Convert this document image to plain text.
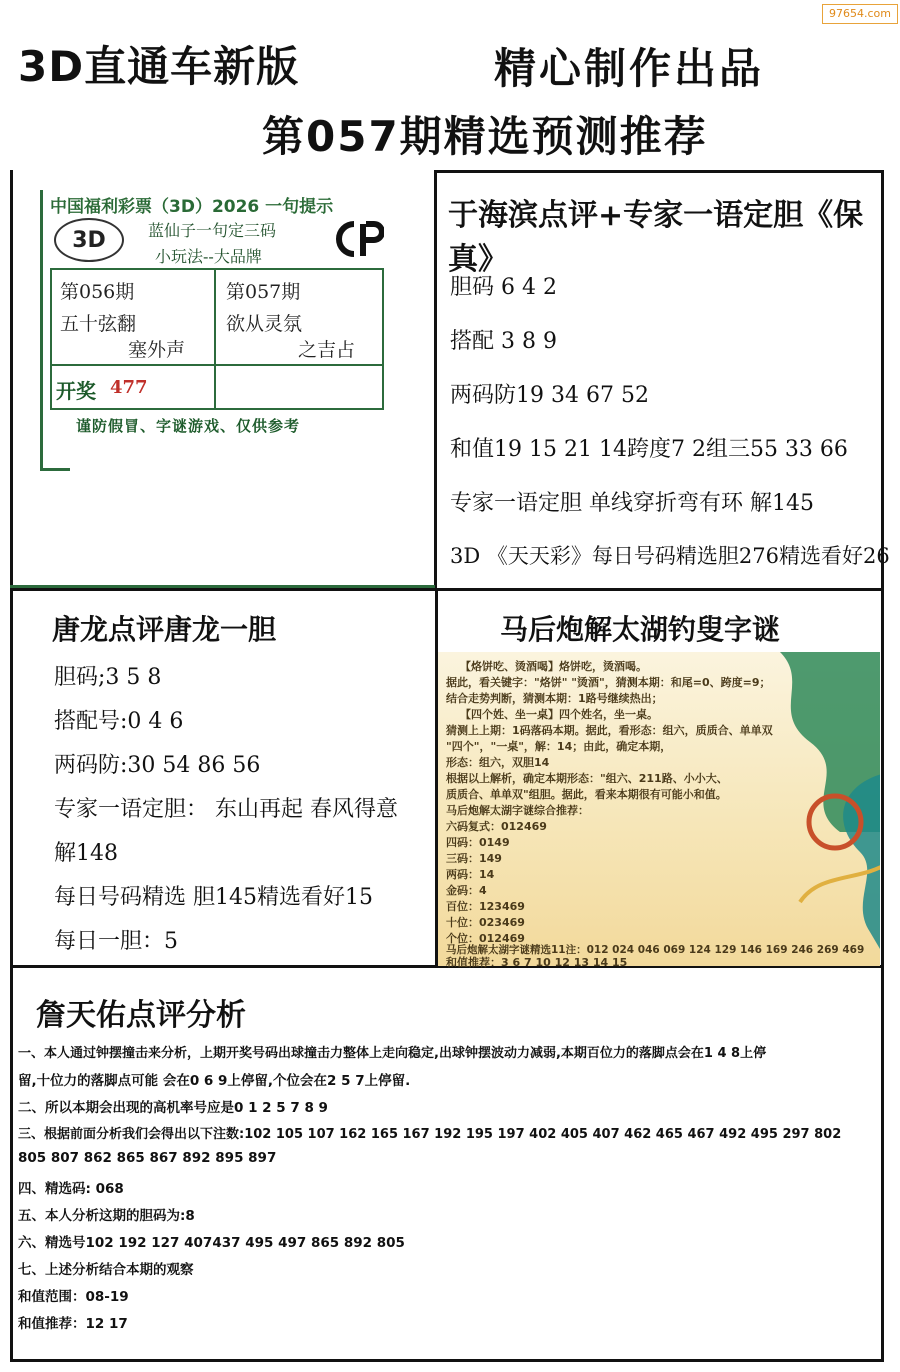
97654.com
3D直通车新版	精心制作出品
第057期精选预测推荐
中国福利彩票（3D）2026 一句提示
3D	蓝仙子一句定三码
小玩法--大品牌
第056期
五十弦翻
塞外声
第057期
欲从灵氛
之吉占
开奖 477
谨防假冒、字谜游戏、仅供参考
于海滨点评+专家一语定胆《保真》
胆码 6 4 2
搭配 3 8 9
两码防19 34 67 52
和值19 15 21 14跨度7 2组三55 33 66
专家一语定胆 单线穿折弯有环 解145
3D 《天天彩》每日号码精选胆276精选看好26
唐龙点评唐龙一胆
胆码;3 5 8
搭配号:0 4 6
两码防:30 54 86 56
专家一语定胆： 东山再起 春风得意
解148
每日号码精选 胆145精选看好15
每日一胆：5
马后炮解太湖钓叟字谜
【烙饼吃、烫酒喝】烙饼吃，烫酒喝。
据此，看关键字："烙饼" "烫酒"，猜测本期：和尾=0、跨度=9；
结合走势判断，猜测本期：1路号继续热出；
【四个姓、坐一桌】四个姓名，坐一桌。
猜测上上期：1码落码本期。据此，看形态：组六，质质合、单单双
"四个"，"一桌"，解：14；由此，确定本期，
形态：组六，双胆14
根据以上解析，确定本期形态："组六、211路、小小大、
质质合、单单双"组胆。据此，看来本期很有可能小和值。
马后炮解太湖字谜综合推荐：
六码复式：012469
四码：0149
三码：149
两码：14
金码：4
百位：123469
十位：023469
个位：012469
马后炮解太湖字谜精选11注：012 024 046 069 124 129 146 169 246 269 469
和值推荐：3 6 7 10 12 13 14 15
詹天佑点评分析
一、本人通过钟摆撞击来分析，上期开奖号码出球撞击力整体上走向稳定,出球钟摆波动力减弱,本期百位力的落脚点会在1 4 8上停
留,十位力的落脚点可能 会在0 6 9上停留,个位会在2 5 7上停留.
二、所以本期会出现的高机率号应是0 1 2 5 7 8 9
三、根据前面分析我们会得出以下注数:102 105 107 162 165 167 192 195 197 402 405 407 462 465 467 492 495 297 802
805 807 862 865 867 892 895 897
四、精选码: 068
五、本人分析这期的胆码为:8
六、精选号102 192 127 407437 495 497 865 892 805
七、上述分析结合本期的观察
和值范围：08-19
和值推荐：12 17
